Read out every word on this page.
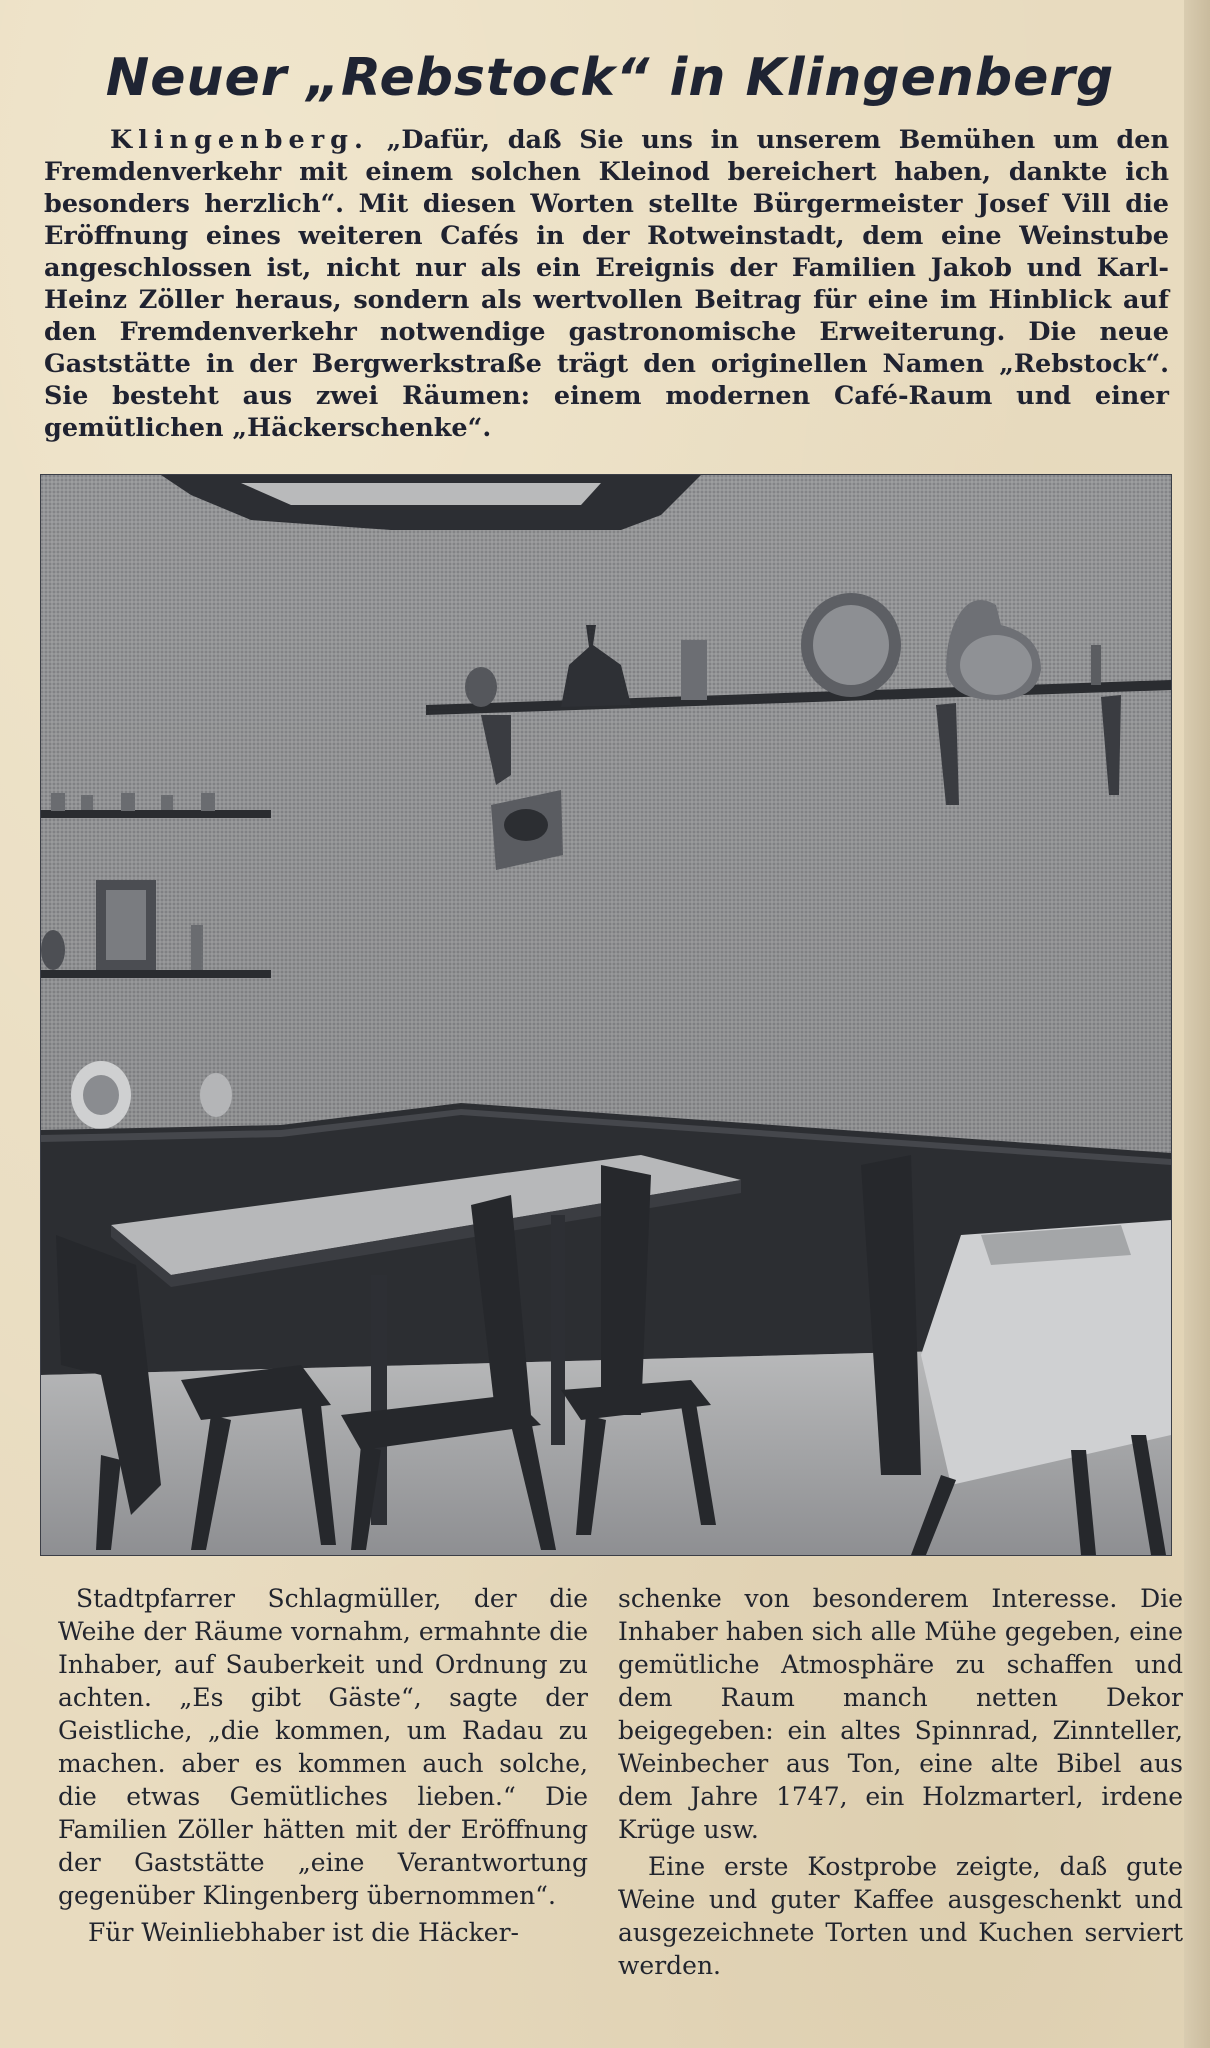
Neuer „Rebstock“ in Klingenberg
Klingenberg. „Dafür, daß Sie uns in unserem Bemühen um den Fremdenverkehr mit einem solchen Kleinod bereichert haben, dankte ich besonders herzlich“. Mit diesen Worten stellte Bürgermeister Josef Vill die Eröffnung eines weiteren Cafés in der Rotweinstadt, dem eine Weinstube angeschlossen ist, nicht nur als ein Ereignis der Familien Jakob und Karl-Heinz Zöller heraus, sondern als wertvollen Beitrag für eine im Hinblick auf den Fremdenverkehr notwendige gastronomische Erweiterung. Die neue Gaststätte in der Bergwerkstraße trägt den originellen Namen „Rebstock“. Sie besteht aus zwei Räumen: einem modernen Café-Raum und einer gemütlichen „Häckerschenke“.

Stadtpfarrer Schlagmüller, der die Weihe der Räume vornahm, ermahnte die Inhaber, auf Sauberkeit und Ordnung zu achten. „Es gibt Gäste“, sagte der Geistliche, „die kommen, um Radau zu machen. aber es kommen auch solche, die etwas Gemütliches lieben.“ Die Familien Zöller hätten mit der Eröffnung der Gaststätte „eine Verantwortung gegenüber Klingenberg übernommen“.

Für Weinliebhaber ist die Häcker-

schenke von besonderem Interesse. Die Inhaber haben sich alle Mühe gegeben, eine gemütliche Atmosphäre zu schaffen und dem Raum manch netten Dekor beigegeben: ein altes Spinnrad, Zinnteller, Weinbecher aus Ton, eine alte Bibel aus dem Jahre 1747, ein Holzmarterl, irdene Krüge usw.

Eine erste Kostprobe zeigte, daß gute Weine und guter Kaffee ausgeschenkt und ausgezeichnete Torten und Kuchen serviert werden.
